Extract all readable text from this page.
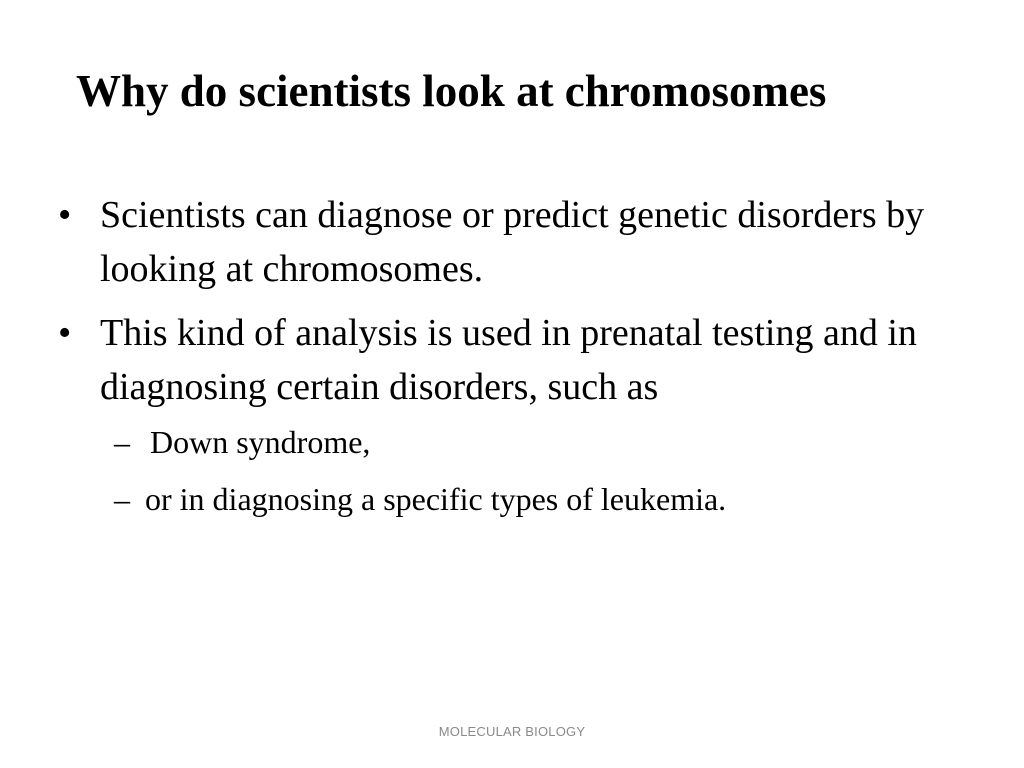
Why do scientists look at chromosomes
• Scientists can diagnose or predict genetic disorders by looking at chromosomes.
• This kind of analysis is used in prenatal testing and in diagnosing certain disorders, such as
– Down syndrome,
– or in diagnosing a specific types of leukemia.
MOLECULAR BIOLOGY
